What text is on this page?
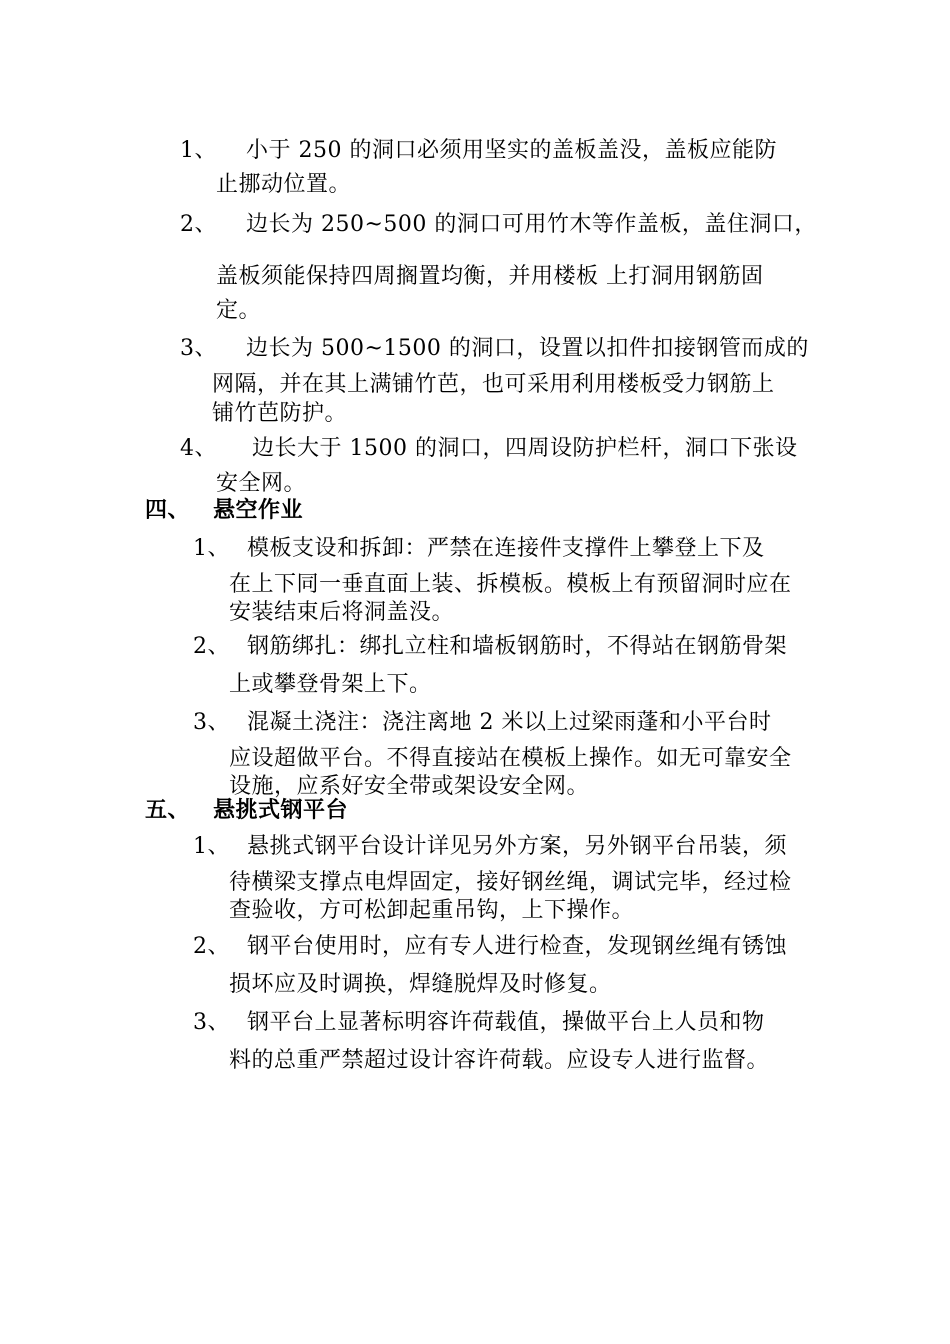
1、 小于 250 的洞口必须用坚实的盖板盖没，盖板应能防
止挪动位置。
2、 边长为 250~500 的洞口可用竹木等作盖板，盖住洞口，
盖板须能保持四周搁置均衡，并用楼板 上打洞用钢筋固
定。
3、 边长为 500~1500 的洞口，设置以扣件扣接钢管而成的
网隔，并在其上满铺竹芭，也可采用利用楼板受力钢筋上
铺竹芭防护。
4、 边长大于 1500 的洞口，四周设防护栏杆，洞口下张设
安全网。
四、 悬空作业
1、 模板支设和拆卸：严禁在连接件支撑件上攀登上下及
在上下同一垂直面上装、拆模板。模板上有预留洞时应在
安装结束后将洞盖没。
2、 钢筋绑扎：绑扎立柱和墙板钢筋时，不得站在钢筋骨架
上或攀登骨架上下。
3、 混凝土浇注：浇注离地 2 米以上过梁雨蓬和小平台时
应设超做平台。不得直接站在模板上操作。如无可靠安全
设施，应系好安全带或架设安全网。
五、 悬挑式钢平台
1、 悬挑式钢平台设计详见另外方案，另外钢平台吊装，须
待横梁支撑点电焊固定，接好钢丝绳，调试完毕，经过检
查验收，方可松卸起重吊钩，上下操作。
2、 钢平台使用时，应有专人进行检查，发现钢丝绳有锈蚀
损坏应及时调换，焊缝脱焊及时修复。
3、 钢平台上显著标明容许荷载值，操做平台上人员和物
料的总重严禁超过设计容许荷载。应设专人进行监督。
